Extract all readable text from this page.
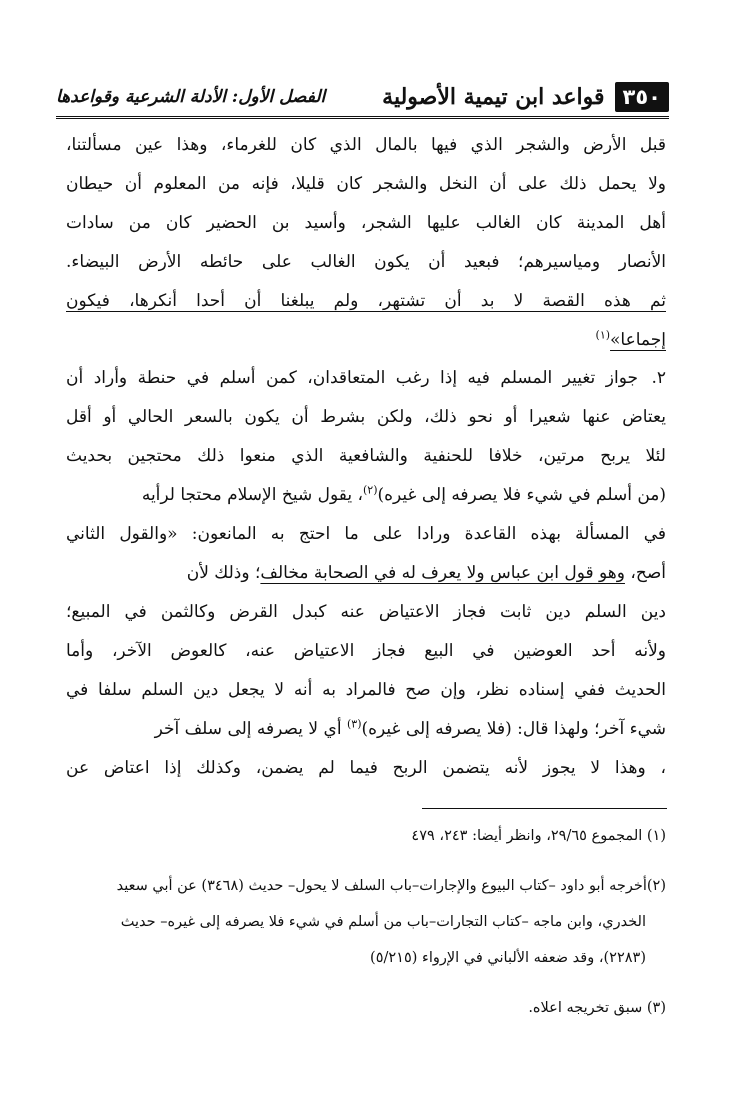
٣٥٠
قواعد ابن تيمية الأصولية
الفصل الأول: الأدلة الشرعية وقواعدها
قبل الأرض والشجر الذي فيها بالمال الذي كان للغرماء، وهذا عين مسألتنا،
ولا يحمل ذلك على أن النخل والشجر كان قليلا، فإنه من المعلوم أن حيطان
أهل المدينة كان الغالب عليها الشجر، وأسيد بن الحضير كان من سادات
الأنصار ومياسيرهم؛ فبعيد أن يكون الغالب على حائطه الأرض البيضاء.
ثم هذه القصة لا بد أن تشتهر، ولم يبلغنا أن أحدا أنكرها، فيكون
إجماعا»$^{(١)}$
٢.
جواز تغيير المسلم فيه إذا رغب المتعاقدان، كمن أسلم في حنطة وأراد أن
يعتاض عنها شعيرا أو نحو ذلك، ولكن بشرط أن يكون بالسعر الحالي أو أقل
لئلا يربح مرتين، خلافا للحنفية والشافعية الذي منعوا ذلك محتجين بحديث
(من أسلم في شيء فلا يصرفه إلى غيره)$^{(٢)}$، يقول شيخ الإسلام محتجا لرأيه
في المسألة بهذه القاعدة ورادا على ما احتج به المانعون: «والقول الثاني
أصح، وهو قول ابن عباس ولا يعرف له في الصحابة مخالف؛ وذلك لأن
دين السلم دين ثابت فجاز الاعتياض عنه كبدل القرض وكالثمن في المبيع؛
ولأنه أحد العوضين في البيع فجاز الاعتياض عنه، كالعوض الآخر، وأما
الحديث ففي إسناده نظر، وإن صح فالمراد به أنه لا يجعل دين السلم سلفا في
شيء آخر؛ ولهذا قال: (فلا يصرفه إلى غيره)$^{(٣)}$ أي لا يصرفه إلى سلف آخر
، وهذا لا يجوز لأنه يتضمن الربح فيما لم يضمن، وكذلك إذا اعتاض عن
(١) المجموع ٢٩/٦٥، وانظر أيضا: ٢٤٣، ٤٧٩
(٢)أخرجه أبو داود –كتاب البيوع والإجارات–باب السلف لا يحول– حديث (٣٤٦٨) عن أبي سعيد
الخدري، وابن ماجه –كتاب التجارات–باب من أسلم في شيء فلا يصرفه إلى غيره– حديث
(٢٢٨٣)، وقد ضعفه الألباني في الإرواء (٥/٢١٥)
(٣) سبق تخريجه اعلاه.
